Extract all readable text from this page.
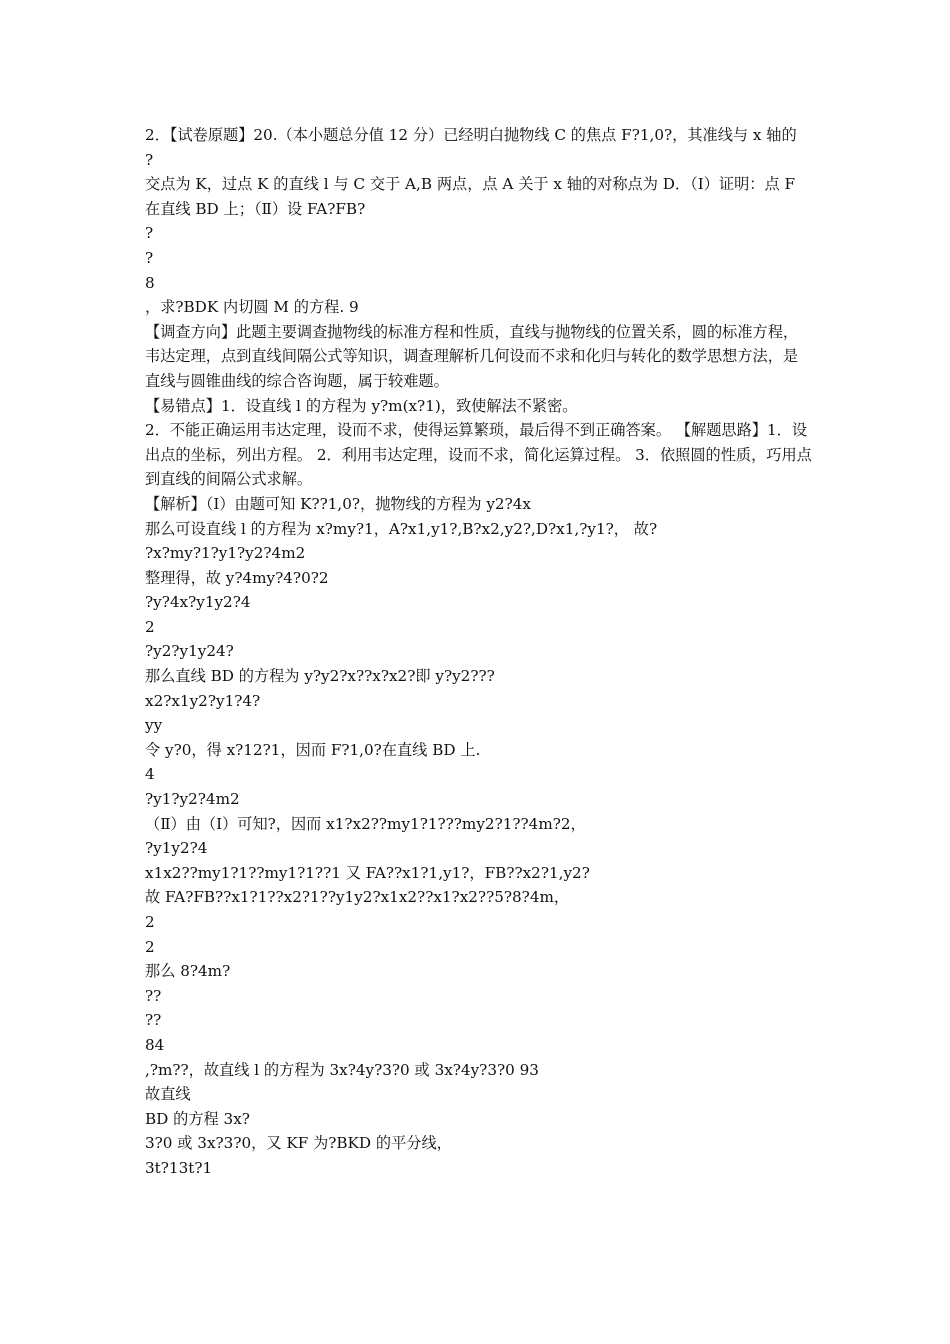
2．【试卷原题】20.（本小题总分值 12 分）已经明白抛物线 C 的焦点 F?1,0?，其准线与 x 轴的

?

交点为 K，过点 K 的直线 l 与 C 交于 A,B 两点，点 A 关于 x 轴的对称点为 D．（Ⅰ）证明：点 F 在直线 BD 上；（Ⅱ）设 FA?FB?

?

?

8

，求?BDK 内切圆 M 的方程. 9

【调查方向】此题主要调查抛物线的标准方程和性质，直线与抛物线的位置关系，圆的标准方程，韦达定理，点到直线间隔公式等知识，调查理解析几何设而不求和化归与转化的数学思想方法，是直线与圆锥曲线的综合咨询题，属于较难题。

【易错点】1．设直线 l 的方程为 y?m(x?1)，致使解法不紧密。

2．不能正确运用韦达定理，设而不求，使得运算繁琐，最后得不到正确答案。 【解题思路】1．设出点的坐标，列出方程。 2．利用韦达定理，设而不求，简化运算过程。 3．依照圆的性质，巧用点到直线的间隔公式求解。

【解析】（Ⅰ）由题可知 K??1,0?，抛物线的方程为 y2?4x

那么可设直线 l 的方程为 x?my?1，A?x1,y1?,B?x2,y2?,D?x1,?y1?， 故?

?x?my?1?y1?y2?4m2

整理得，故 y?4my?4?0?2

?y?4x?y1y2?4

2

?y2?y1y24?

那么直线 BD 的方程为 y?y2?x??x?x2?即 y?y2???

x2?x1y2?y1?4?

yy

令 y?0，得 x?12?1，因而 F?1,0?在直线 BD 上.

4

?y1?y2?4m2

（Ⅱ）由（Ⅰ）可知?，因而 x1?x2??my1?1???my2?1??4m?2，

?y1y2?4

x1x2??my1?1??my1?1??1 又 FA??x1?1,y1?，FB??x2?1,y2?

故 FA?FB??x1?1??x2?1??y1y2?x1x2??x1?x2??5?8?4m，

2

2

那么 8?4m?

??

??

84

,?m??，故直线 l 的方程为 3x?4y?3?0 或 3x?4y?3?0 93

故直线

BD 的方程 3x?

3?0 或 3x?3?0，又 KF 为?BKD 的平分线，

3t?13t?1
